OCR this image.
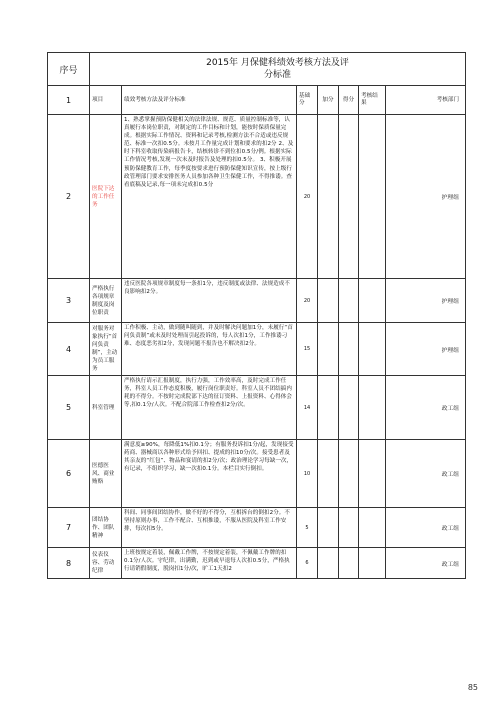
序号	2015年 月保健科绩效考核方法及评
分标准						

1	项目	绩效考核方法及评分标准	基础分	加分	得分	考核结果	考核部门
2	医院下达的工作任务	1、熟悉掌握预防保健相关的法律法规、规范、质量控制标准等，认真履行本岗位职责，对制定的工作目标和计划，能按时保质保量完成。根据实际工作情况、资料和记录考核,检测方法不合适或违反规范、标准一次扣0.5分。未按月工作量完成计划和要求的扣2分 2、及时下科室收取传染病报告卡，结核转诊不到位扣0.5分/例。根据实际工作情况考核,发现一次未及时报告及处理的扣0.5分。 3、积极开展预防保健教育工作，每季度按要求进行预防保健知识宣传，按上级行政管理部门要求安排医务人员参加各种卫生保健工作，不得推诿。查看底稿及记录,每一项未完成扣0.5分	20				护理组
3	严格执行各项规章制度及岗位职责	违反医院各项规章制度每一条扣1分，违反制度或法律、法规造成不良影响扣2分。	20				护理组
4	对服务对象执行“首问负责制”，主动为员工服务	工作积极、主动，做到随叫随到，并及时解决问题加1分，未履行“首问负责制”或未及时处理而引起投诉的，每人次扣1分，工作推诿刁难、态度恶劣扣2分，发现问题不报告也不解决扣2分。	15				护理组
5	科室管理	严格执行请示汇报制度，执行力强，工作效率高，及时完成工作任务，科室人员工作态度积极，履行岗位职责好。科室人员不团结搞内耗的不得分。不按时完成院部下达的征订资料、上报资料、心得体会等,扣0.1分/人次。不配合院部工作检查扣2分/次。	14				政工组
6	医德医风、商业贿赂	满意度≥90%，每降低1%扣0.1分；有服务投诉扣1分/起，发现接受药商、器械商以各种形式给予回扣、提成的扣10分/次。接受患者及其亲友的“红包”、物品和宴请的扣2分/次；政治理论学习每缺一次，有记录，不组织学习，缺一次扣0.1分。本栏目实行倒扣。	10				政工组
7	团结协作、团队精神	科间、同事间团结协作，做不好的不得分，互相拆台的倒扣2分。不坚持原则办事，工作不配合、互相推诿，不服从医院及科室工作安排，每次扣5分。	5				政工组
8	仪表仪容、劳动纪律	上班按规定着装，佩戴工作牌，不按规定着装，不佩戴工作牌的扣0.1分/人次。守纪律，出满勤，迟到或早退每人次扣0.5分，严格执行请销假制度，脱岗扣1分/次，旷工1天扣2	6				政工组
85
